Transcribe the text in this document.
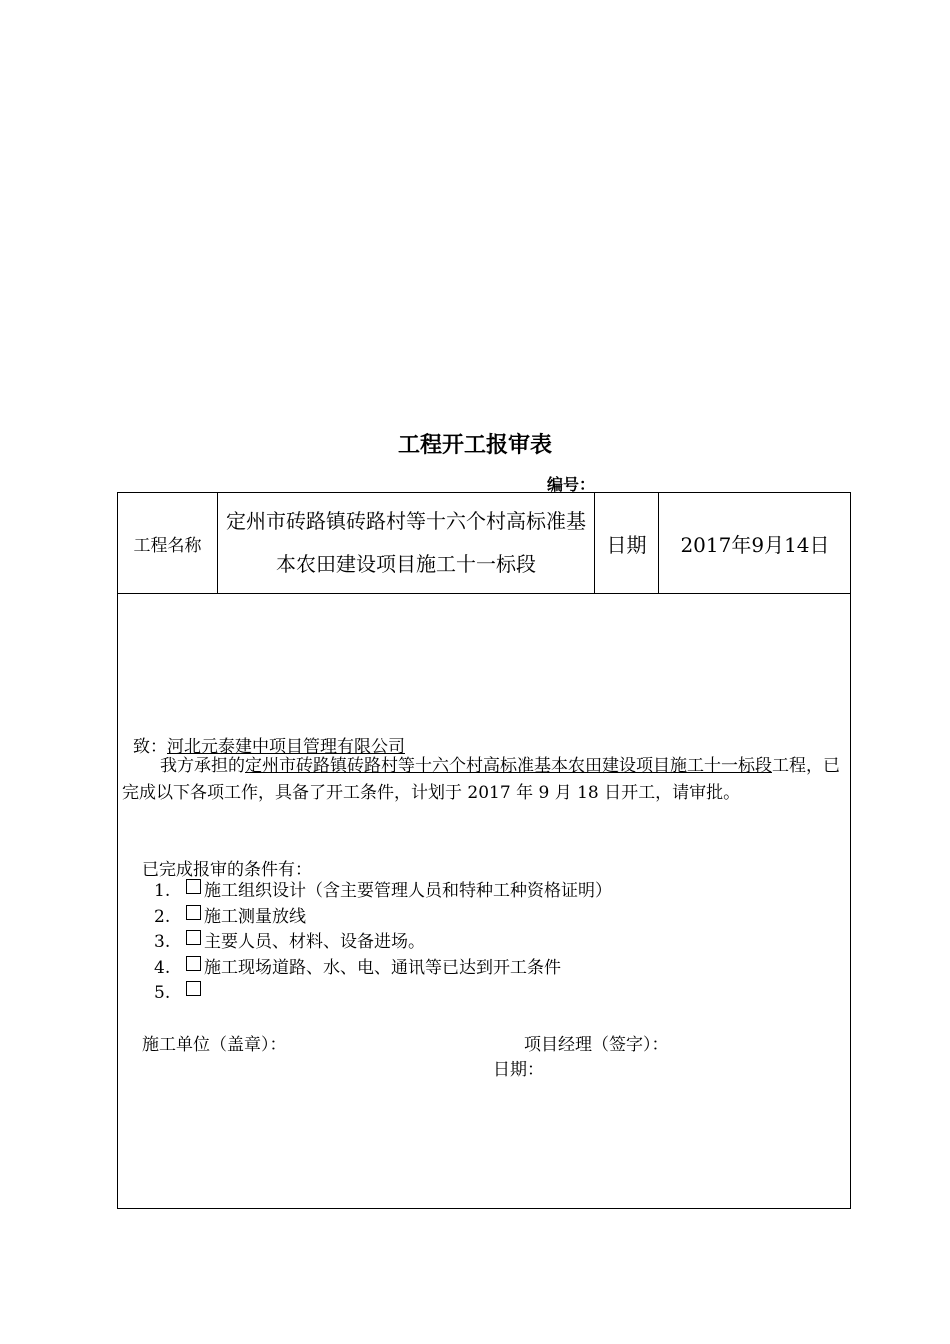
工程开工报审表
编号：
工程名称
定州市砖路镇砖路村等十六个村高标准基本农田建设项目施工十一标段
日期	2017年9月14日
致：河北元泰建中项目管理有限公司
我方承担的定州市砖路镇砖路村等十六个村高标准基本农田建设项目施工十一标段工程，已完成以下各项工作，具备了开工条件，计划于 2017 年 9 月 18 日开工，请审批。
已完成报审的条件有：
1.	施工组织设计（含主要管理人员和特种工种资格证明）
2.	施工测量放线
3.	主要人员、材料、设备进场。
4.	施工现场道路、水、电、通讯等已达到开工条件
5.
施工单位（盖章）：	项目经理（签字）：
日期：
